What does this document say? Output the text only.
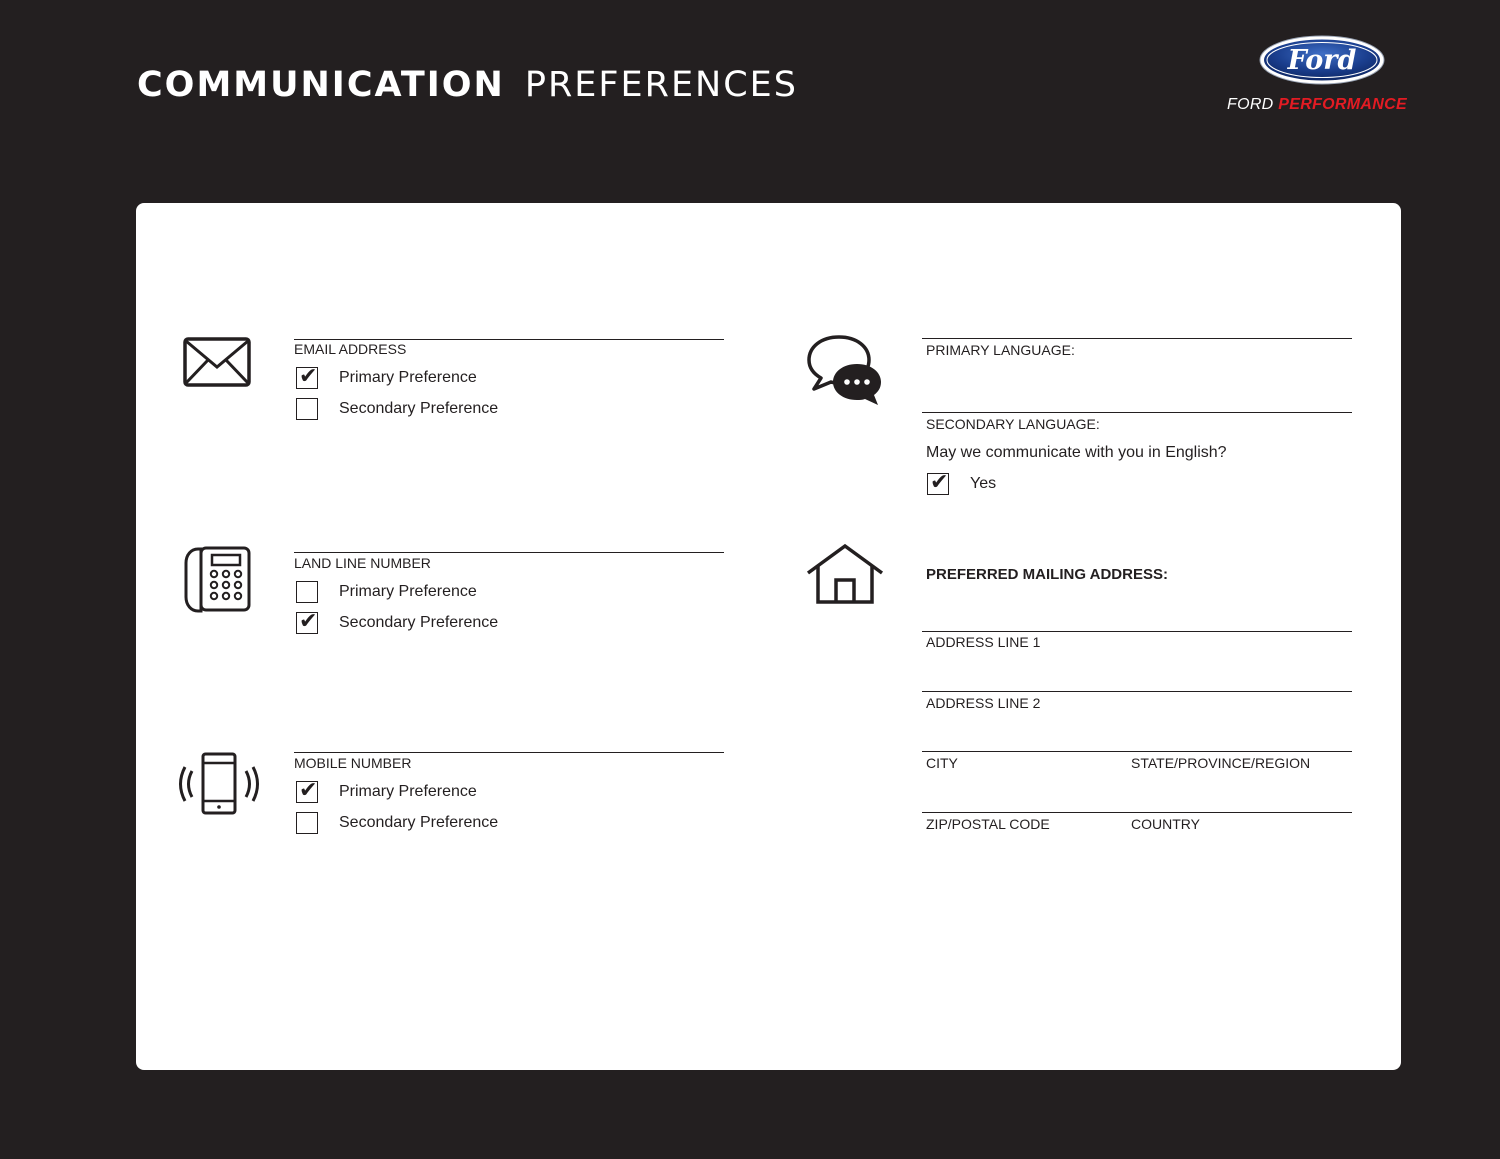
COMMUNICATION PREFERENCES
Ford
FORD PERFORMANCE
EMAIL ADDRESS
✔
Primary Preference
Secondary Preference
LAND LINE NUMBER
Primary Preference
✔
Secondary Preference
MOBILE NUMBER
✔
Primary Preference
Secondary Preference
PRIMARY LANGUAGE:
SECONDARY LANGUAGE:
May we communicate with you in English?
✔
Yes
PREFERRED MAILING ADDRESS:
ADDRESS LINE 1
ADDRESS LINE 2
CITY	STATE/PROVINCE/REGION
ZIP/POSTAL CODE	COUNTRY
